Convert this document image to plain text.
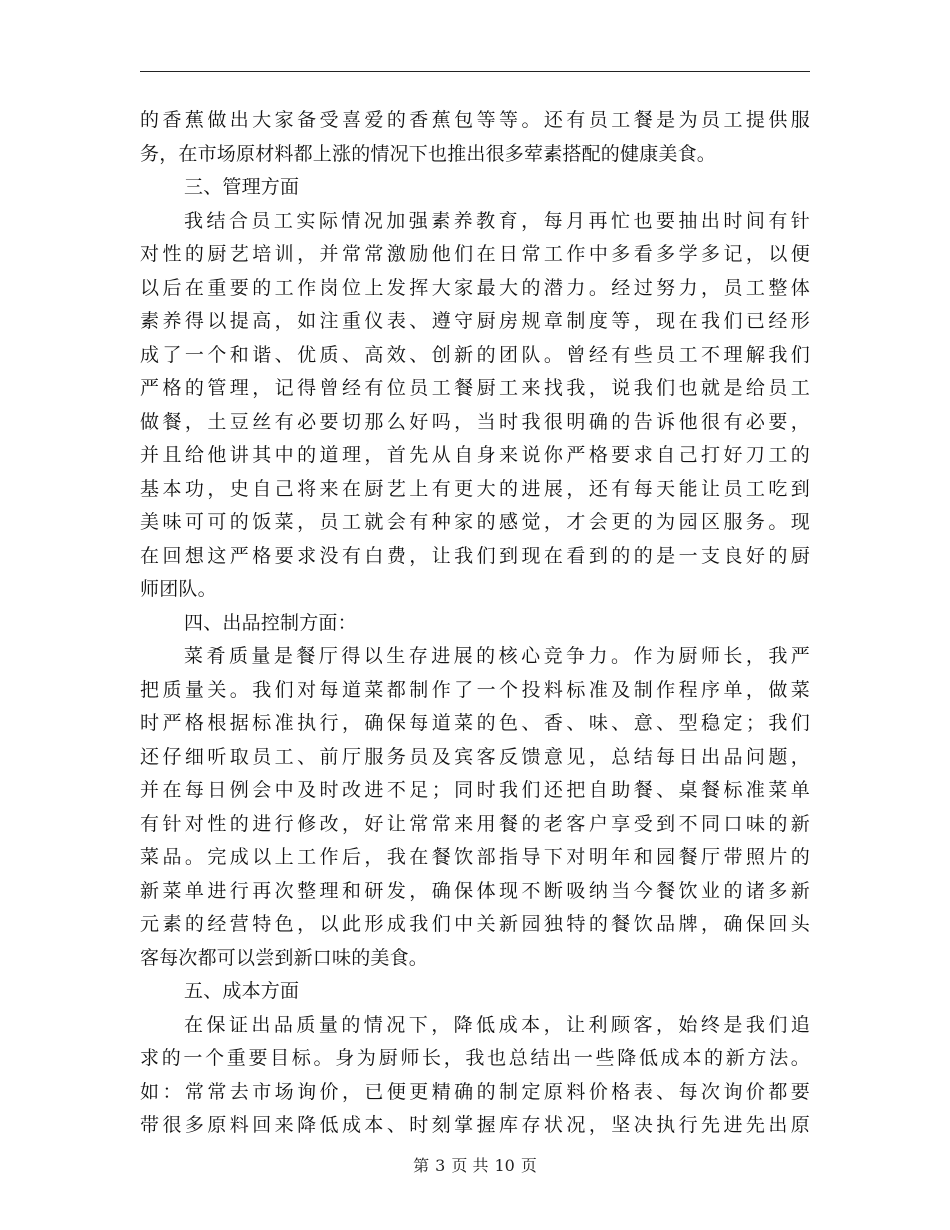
的香蕉做出大家备受喜爱的香蕉包等等。还有员工餐是为员工提供服
务，在市场原材料都上涨的情况下也推出很多荤素搭配的健康美食。
三、管理方面
我结合员工实际情况加强素养教育，每月再忙也要抽出时间有针
对性的厨艺培训，并常常激励他们在日常工作中多看多学多记，以便
以后在重要的工作岗位上发挥大家最大的潜力。经过努力，员工整体
素养得以提高，如注重仪表、遵守厨房规章制度等，现在我们已经形
成了一个和谐、优质、高效、创新的团队。曾经有些员工不理解我们
严格的管理，记得曾经有位员工餐厨工来找我，说我们也就是给员工
做餐，土豆丝有必要切那么好吗，当时我很明确的告诉他很有必要，
并且给他讲其中的道理，首先从自身来说你严格要求自己打好刀工的
基本功，史自己将来在厨艺上有更大的进展，还有每天能让员工吃到
美味可可的饭菜，员工就会有种家的感觉，才会更的为园区服务。现
在回想这严格要求没有白费，让我们到现在看到的的是一支良好的厨
师团队。
四、出品控制方面：
菜肴质量是餐厅得以生存进展的核心竞争力。作为厨师长，我严
把质量关。我们对每道菜都制作了一个投料标准及制作程序单，做菜
时严格根据标准执行，确保每道菜的色、香、味、意、型稳定；我们
还仔细听取员工、前厅服务员及宾客反馈意见，总结每日出品问题，
并在每日例会中及时改进不足；同时我们还把自助餐、桌餐标准菜单
有针对性的进行修改，好让常常来用餐的老客户享受到不同口味的新
菜品。完成以上工作后，我在餐饮部指导下对明年和园餐厅带照片的
新菜单进行再次整理和研发，确保体现不断吸纳当今餐饮业的诸多新
元素的经营特色，以此形成我们中关新园独特的餐饮品牌，确保回头
客每次都可以尝到新口味的美食。
五、成本方面
在保证出品质量的情况下，降低成本，让利顾客，始终是我们追
求的一个重要目标。身为厨师长，我也总结出一些降低成本的新方法。
如：常常去市场询价，已便更精确的制定原料价格表、每次询价都要
带很多原料回来降低成本、时刻掌握库存状况，坚决执行先进先出原
第 3 页 共 10 页
